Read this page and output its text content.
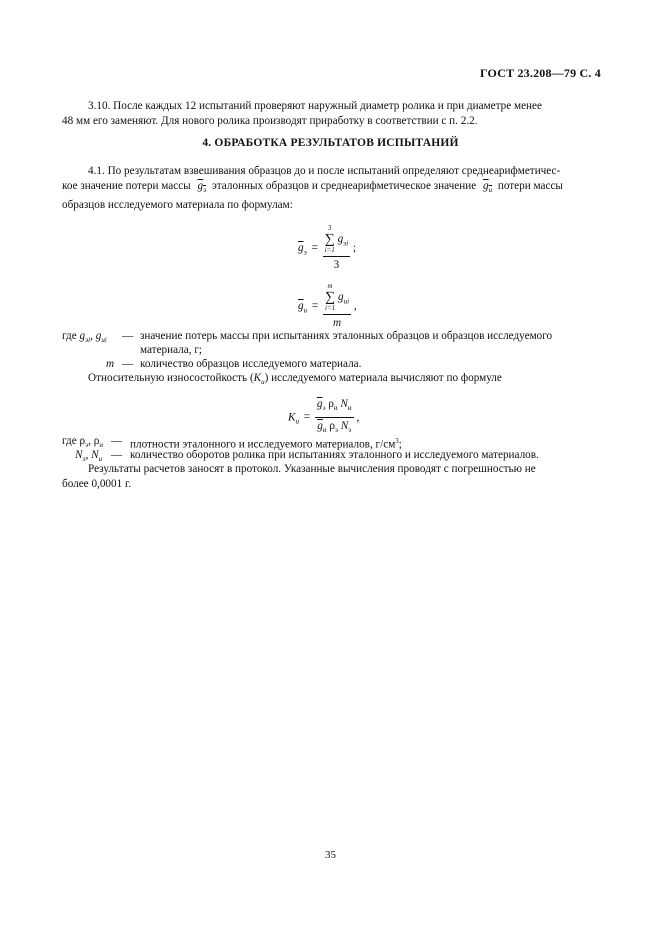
ГОСТ 23.208—79 С. 4
3.10. После каждых 12 испытаний проверяют наружный диаметр ролика и при диаметре менее
48 мм его заменяют. Для нового ролика производят приработку в соответствии с п. 2.2.
4. ОБРАБОТКА РЕЗУЛЬТАТОВ ИСПЫТАНИЙ
4.1. По результатам взвешивания образцов до и после испытаний определяют среднеарифметичес-
кое значение потери массы $g_э$ эталонных образцов и среднеарифметическое значение $g_и$ потери массы
образцов исследуемого материала по формулам:
$\overline{g}_э = 3$
∑
i=1
$g_{эi}$
3 ;
$\overline{g}_и = m$
∑
i=1
$g_{иi}$
m ,
где $g_{эi}$, $g_{иi}$ — значение потерь массы при испытаниях эталонных образцов и образцов исследуемого
материала, г;
m — количество образцов исследуемого материала.
Относительную износостойкость $(K_и)$ исследуемого материала вычисляют по формуле
$K_и = \frac{\overline{g}_э \rho_и N_и}{\overline{g}_и \rho_э N_э}$ ,
где $\rho_э$, $\rho_и$ — плотности эталонного и исследуемого материалов, $г/см^3$;
$N_э$, $N_и$ — количество оборотов ролика при испытаниях эталонного и исследуемого материалов.
Результаты расчетов заносят в протокол. Указанные вычисления проводят с погрешностью не
более 0,0001 г.
35
